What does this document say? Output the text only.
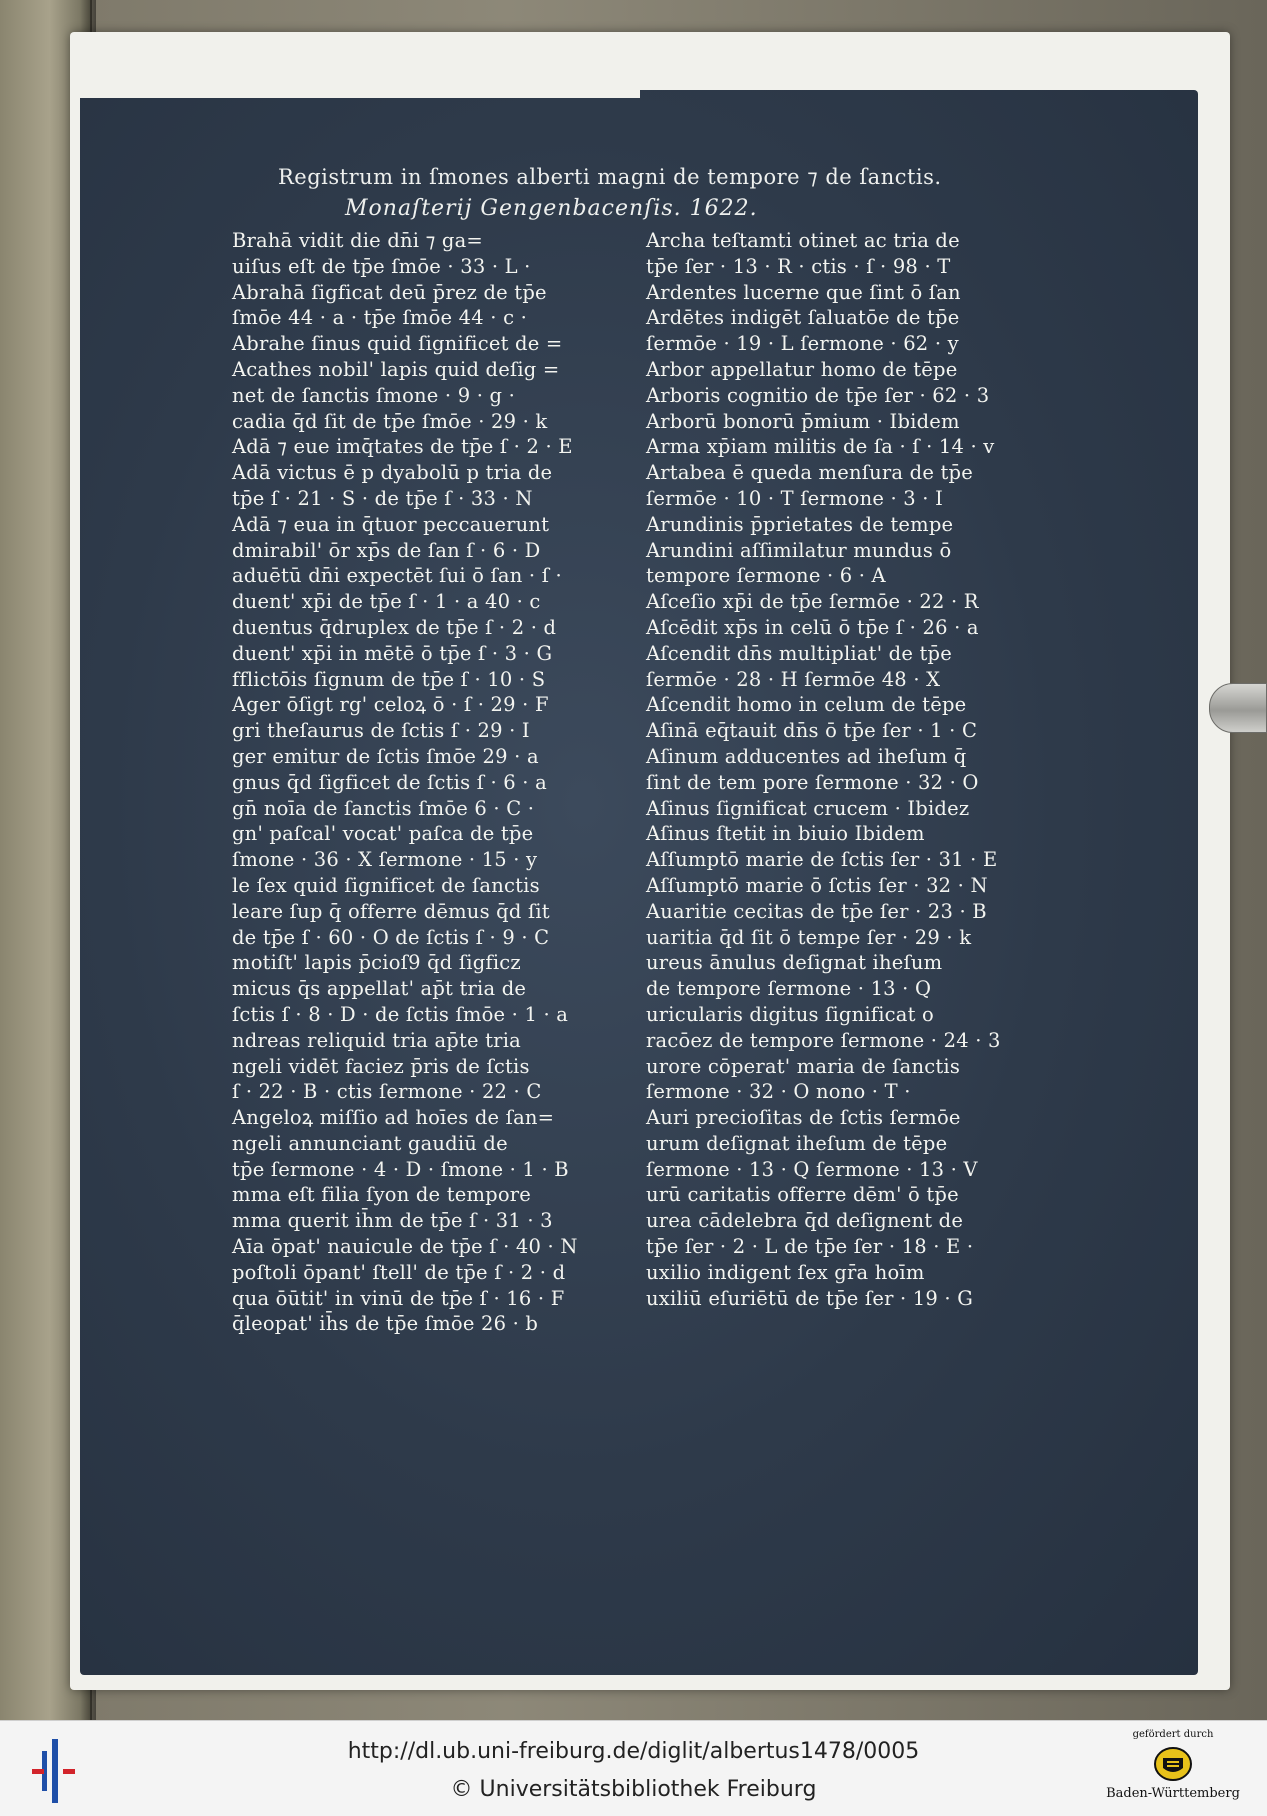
Registrum in ſmones alberti magni de tempore ⁊ de ſanctis.
Monaſterij Gengenbacenſis. 1622.
Brahā vidit die dn̄i ⁊ ga=
uiſus eſt de tp̄e ſmōe · 33 · L ·
Abrahā ſigficat deū p̄rez de tp̄e
ſmōe 44 · a · tp̄e ſmōe 44 · c ·
Abrahe ſinus quid ſignificet de =
Acathes nobil' lapis quid deſig =
net de ſanctis ſmone · 9 · g ·
cadia q̄d ſit de tp̄e ſmōe · 29 · k
Adā ⁊ eue imq̄tates de tp̄e ſ · 2 · E
Adā victus ē p dyabolū p tria de
tp̄e ſ · 21 · S · de tp̄e ſ · 33 · N
Adā ⁊ eua in q̄tuor peccauerunt
dmirabil' ōr xp̄s de ſan ſ · 6 · D
aduētū dn̄i expectēt ſui ō ſan · ſ ·
duent' xp̄i de tp̄e ſ · 1 · a 40 · c
duentus q̄druplex de tp̄e ſ · 2 · d
duent' xp̄i in mētē ō tp̄e ſ · 3 · G
fflictōis ſignum de tp̄e ſ · 10 · S
Ager ōſigt rg' celoꝝ ō · ſ · 29 · F
gri theſaurus de ſctis ſ · 29 · I
ger emitur de ſctis ſmōe 29 · a
gnus q̄d ſigficet de ſctis ſ · 6 · a
gn̄ noīa de ſanctis ſmōe 6 · C ·
gn' paſcal' vocat' paſca de tp̄e
ſmone · 36 · X ſermone · 15 · y
le ſex quid ſignificet de ſanctis
leare ſup q̄ offerre dēmus q̄d ſit
de tp̄e ſ · 60 · O de ſctis ſ · 9 · C
motiſt' lapis p̄cioſ9 q̄d ſigficz
micus q̄s appellat' ap̄t tria de
ſctis ſ · 8 · D · de ſctis ſmōe · 1 · a
ndreas reliquid tria ap̄te tria
ngeli vidēt faciez p̄ris de ſctis
ſ · 22 · B · ctis ſermone · 22 · C
Angeloꝝ miſſio ad hoīes de ſan=
ngeli annunciant gaudiū de
tp̄e ſermone · 4 · D · ſmone · 1 · B
mma eſt filia ſyon de tempore
mma querit ih̄m de tp̄e ſ · 31 · 3
Aīa ōpat' nauicule de tp̄e ſ · 40 · N
poſtoli ōpant' ſtell' de tp̄e ſ · 2 · d
qua ōūtit' in vinū de tp̄e ſ · 16 · F
q̄leopat' ih̄s de tp̄e ſmōe 26 · b
Archa teſtamti otinet ac tria de
tp̄e ſer · 13 · R · ctis · ſ · 98 · T
Ardentes lucerne que ſint ō ſan
Ardētes indigēt ſaluatōe de tp̄e
ſermōe · 19 · L ſermone · 62 · y
Arbor appellatur homo de tēpe
Arboris cognitio de tp̄e ſer · 62 · 3
Arborū bonorū p̄mium · Ibidem
Arma xp̄iam militis de ſa · ſ · 14 · v
Artabea ē queda menſura de tp̄e
ſermōe · 10 · T ſermone · 3 · I
Arundinis p̄prietates de tempe
Arundini aſſimilatur mundus ō
tempore ſermone · 6 · A
Aſceſio xp̄i de tp̄e ſermōe · 22 · R
Aſcēdit xp̄s in celū ō tp̄e ſ · 26 · a
Aſcendit dn̄s multipliat' de tp̄e
ſermōe · 28 · H ſermōe 48 · X
Aſcendit homo in celum de tēpe
Aſinā eq̄tauit dn̄s ō tp̄e ſer · 1 · C
Aſinum adducentes ad iheſum q̄
ſint de tem pore ſermone · 32 · O
Aſinus ſignificat crucem · Ibidez
Aſinus ſtetit in biuio Ibidem
Aſſumptō marie de ſctis ſer · 31 · E
Aſſumptō marie ō ſctis ſer · 32 · N
Auaritie cecitas de tp̄e ſer · 23 · B
uaritia q̄d ſit ō tempe ſer · 29 · k
ureus ānulus deſignat iheſum
de tempore ſermone · 13 · Q
uricularis digitus ſignificat o
racōez de tempore ſermone · 24 · 3
urore cōperat' maria de ſanctis
ſermone · 32 · O nono · T ·
Auri precioſitas de ſctis ſermōe
urum deſignat iheſum de tēpe
ſermone · 13 · Q ſermone · 13 · V
urū caritatis offerre dēm' ō tp̄e
urea cādelebra q̄d deſignent de
tp̄e ſer · 2 · L de tp̄e ſer · 18 · E ·
uxilio indigent ſex gr̄a hoīm
uxiliū eſuriētū de tp̄e ſer · 19 · G
http://dl.ub.uni-freiburg.de/diglit/albertus1478/0005
© Universitätsbibliothek Freiburg
gefördert durch
Baden-Württemberg
